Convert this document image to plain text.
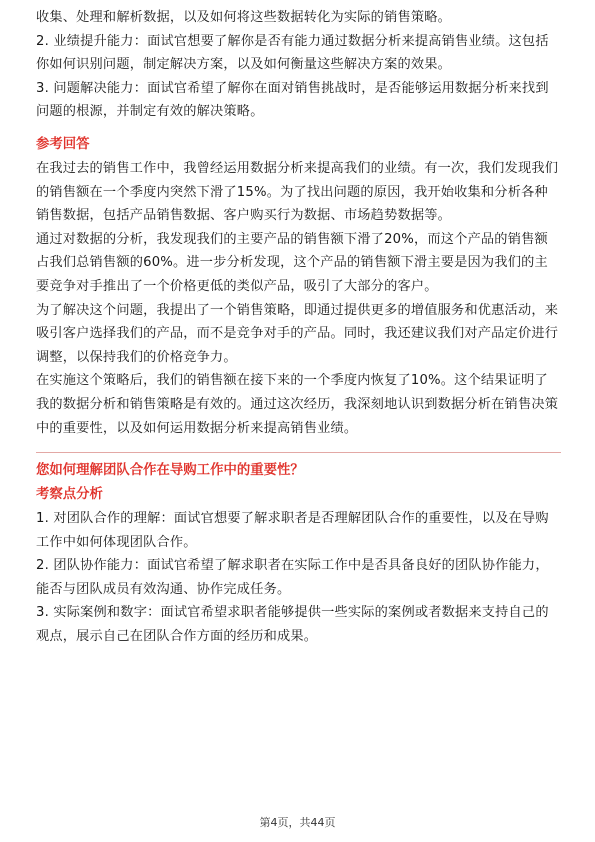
收集、处理和解析数据，以及如何将这些数据转化为实际的销售策略。

2. 业绩提升能力：面试官想要了解你是否有能力通过数据分析来提高销售业绩。这包括你如何识别问题，制定解决方案，以及如何衡量这些解决方案的效果。

3. 问题解决能力：面试官希望了解你在面对销售挑战时，是否能够运用数据分析来找到问题的根源，并制定有效的解决策略。

参考回答

在我过去的销售工作中，我曾经运用数据分析来提高我们的业绩。有一次，我们发现我们的销售额在一个季度内突然下滑了15%。为了找出问题的原因，我开始收集和分析各种销售数据，包括产品销售数据、客户购买行为数据、市场趋势数据等。

通过对数据的分析，我发现我们的主要产品的销售额下滑了20%，而这个产品的销售额占我们总销售额的60%。进一步分析发现，这个产品的销售额下滑主要是因为我们的主要竞争对手推出了一个价格更低的类似产品，吸引了大部分的客户。

为了解决这个问题，我提出了一个销售策略，即通过提供更多的增值服务和优惠活动，来吸引客户选择我们的产品，而不是竞争对手的产品。同时，我还建议我们对产品定价进行调整，以保持我们的价格竞争力。

在实施这个策略后，我们的销售额在接下来的一个季度内恢复了10%。这个结果证明了我的数据分析和销售策略是有效的。通过这次经历，我深刻地认识到数据分析在销售决策中的重要性，以及如何运用数据分析来提高销售业绩。

您如何理解团队合作在导购工作中的重要性？

考察点分析

1. 对团队合作的理解：面试官想要了解求职者是否理解团队合作的重要性，以及在导购工作中如何体现团队合作。

2. 团队协作能力：面试官希望了解求职者在实际工作中是否具备良好的团队协作能力，能否与团队成员有效沟通、协作完成任务。

3. 实际案例和数字：面试官希望求职者能够提供一些实际的案例或者数据来支持自己的观点，展示自己在团队合作方面的经历和成果。

第4页，共44页
